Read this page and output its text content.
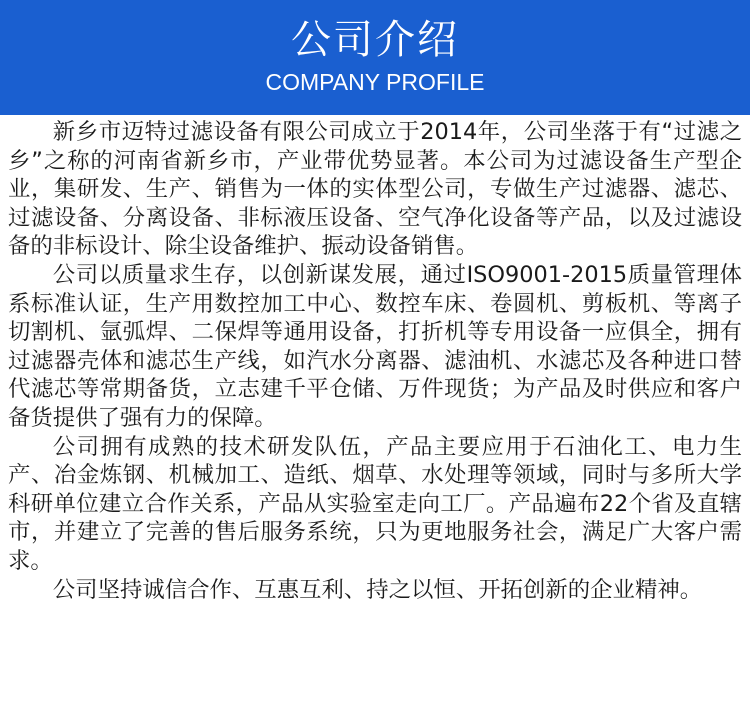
公司介绍
COMPANY PROFILE

新乡市迈特过滤设备有限公司成立于2014年，公司坐落于有“过滤之乡”之称的河南省新乡市，产业带优势显著。本公司为过滤设备生产型企业，集研发、生产、销售为一体的实体型公司，专做生产过滤器、滤芯、过滤设备、分离设备、非标液压设备、空气净化设备等产品，以及过滤设备的非标设计、除尘设备维护、振动设备销售。

公司以质量求生存，以创新谋发展，通过ISO9001-2015质量管理体系标准认证，生产用数控加工中心、数控车床、卷圆机、剪板机、等离子切割机、氩弧焊、二保焊等通用设备，打折机等专用设备一应俱全，拥有过滤器壳体和滤芯生产线，如汽水分离器、滤油机、水滤芯及各种进口替代滤芯等常期备货，立志建千平仓储、万件现货；为产品及时供应和客户备货提供了强有力的保障。

公司拥有成熟的技术研发队伍，产品主要应用于石油化工、电力生产、冶金炼钢、机械加工、造纸、烟草、水处理等领域，同时与多所大学科研单位建立合作关系，产品从实验室走向工厂。产品遍布22个省及直辖市，并建立了完善的售后服务系统，只为更地服务社会，满足广大客户需求。

公司坚持诚信合作、互惠互利、持之以恒、开拓创新的企业精神。
